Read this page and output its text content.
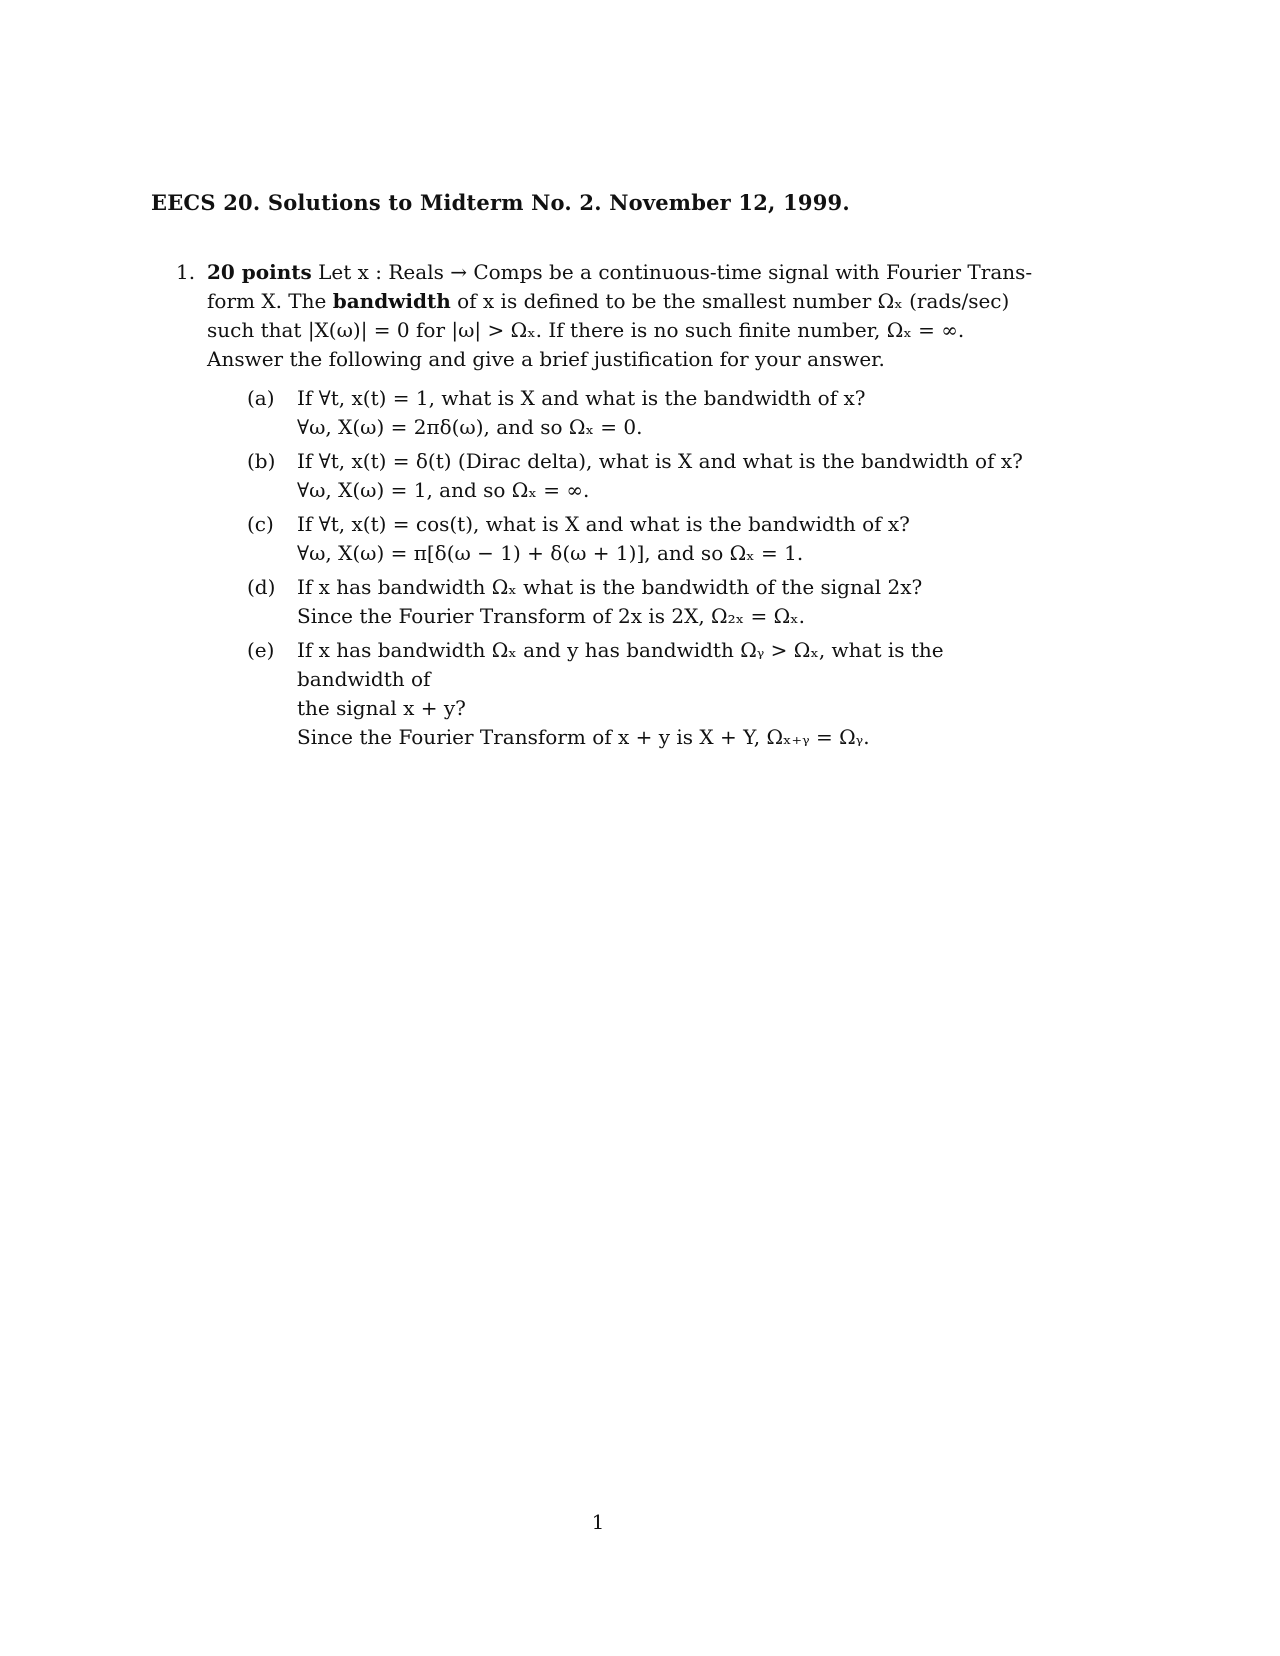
EECS 20. Solutions to Midterm No. 2. November 12, 1999.
1. 20 points Let x : Reals → Comps be a continuous-time signal with Fourier Trans-

form X. The bandwidth of x is defined to be the smallest number Ωₓ (rads/sec)

such that |X(ω)| = 0 for |ω| > Ωₓ. If there is no such finite number, Ωₓ = ∞.

Answer the following and give a brief justification for your answer.

(a) If ∀t, x(t) = 1, what is X and what is the bandwidth of x?
∀ω, X(ω) = 2πδ(ω), and so Ωₓ = 0.
(b) If ∀t, x(t) = δ(t) (Dirac delta), what is X and what is the bandwidth of x?
∀ω, X(ω) = 1, and so Ωₓ = ∞.
(c) If ∀t, x(t) = cos(t), what is X and what is the bandwidth of x?
∀ω, X(ω) = π[δ(ω − 1) + δ(ω + 1)], and so Ωₓ = 1.
(d) If x has bandwidth Ωₓ what is the bandwidth of the signal 2x?
Since the Fourier Transform of 2x is 2X, Ω₂ₓ = Ωₓ.
(e) If x has bandwidth Ωₓ and y has bandwidth Ωᵧ > Ωₓ, what is the bandwidth of
the signal x + y?
Since the Fourier Transform of x + y is X + Y, Ωₓ₊ᵧ = Ωᵧ.
1
